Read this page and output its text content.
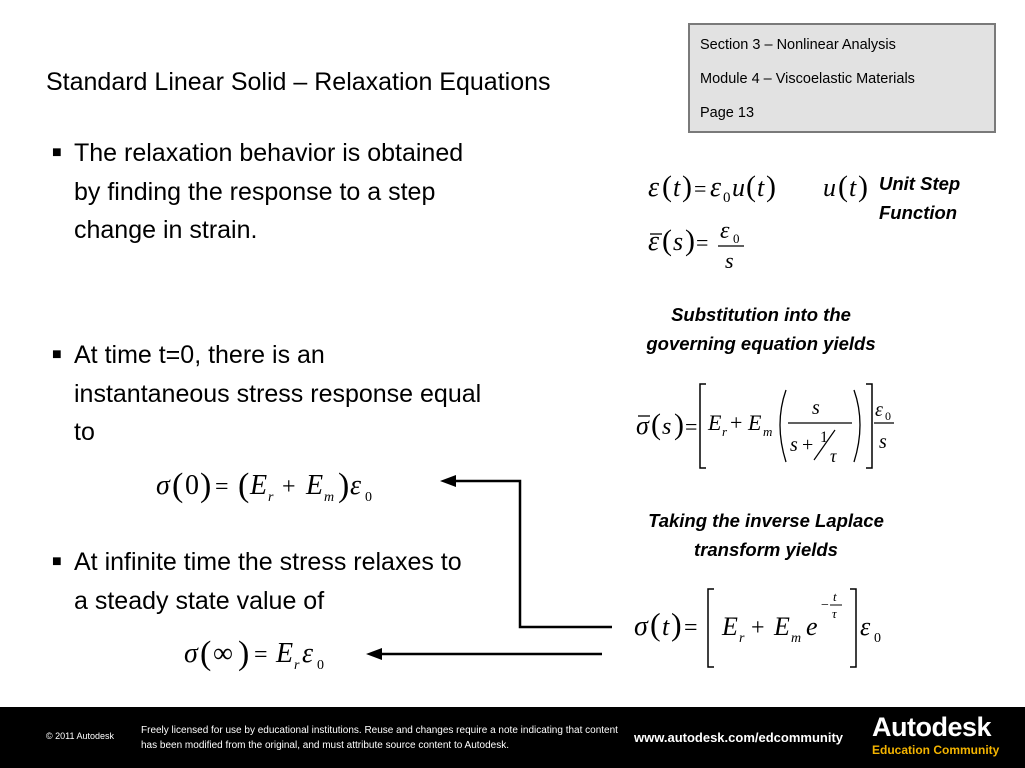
Standard Linear Solid – Relaxation Equations
Section 3 – Nonlinear Analysis
Module 4 – Viscoelastic Materials
Page 13
■ The relaxation behavior is obtained by finding the response to a step change in strain.
■ At time t=0, there is an instantaneous stress response equal to
■ At infinite time the stress relaxes to a steady state value of
Unit Step Function
Substitution into the governing equation yields
Taking the inverse Laplace transform yields
ε ( t ) = ε 0 u ( t )
ε ( s ) = ε 0
s
u ( t )
σ ( s ) = E r + E m
s
s + 1
τ
ε 0
s
σ ( t ) = E r + E m e
−
t
τ ε 0
σ ( 0 ) = ( E r + E m ) ε 0
σ ( ∞ ) = E r ε 0
© 2011 Autodesk	Freely licensed for use by educational institutions. Reuse and changes require a note indicating that content has been modified from the original, and must attribute source content to Autodesk.
www.autodesk.com/edcommunity Autodesk
Education Community
